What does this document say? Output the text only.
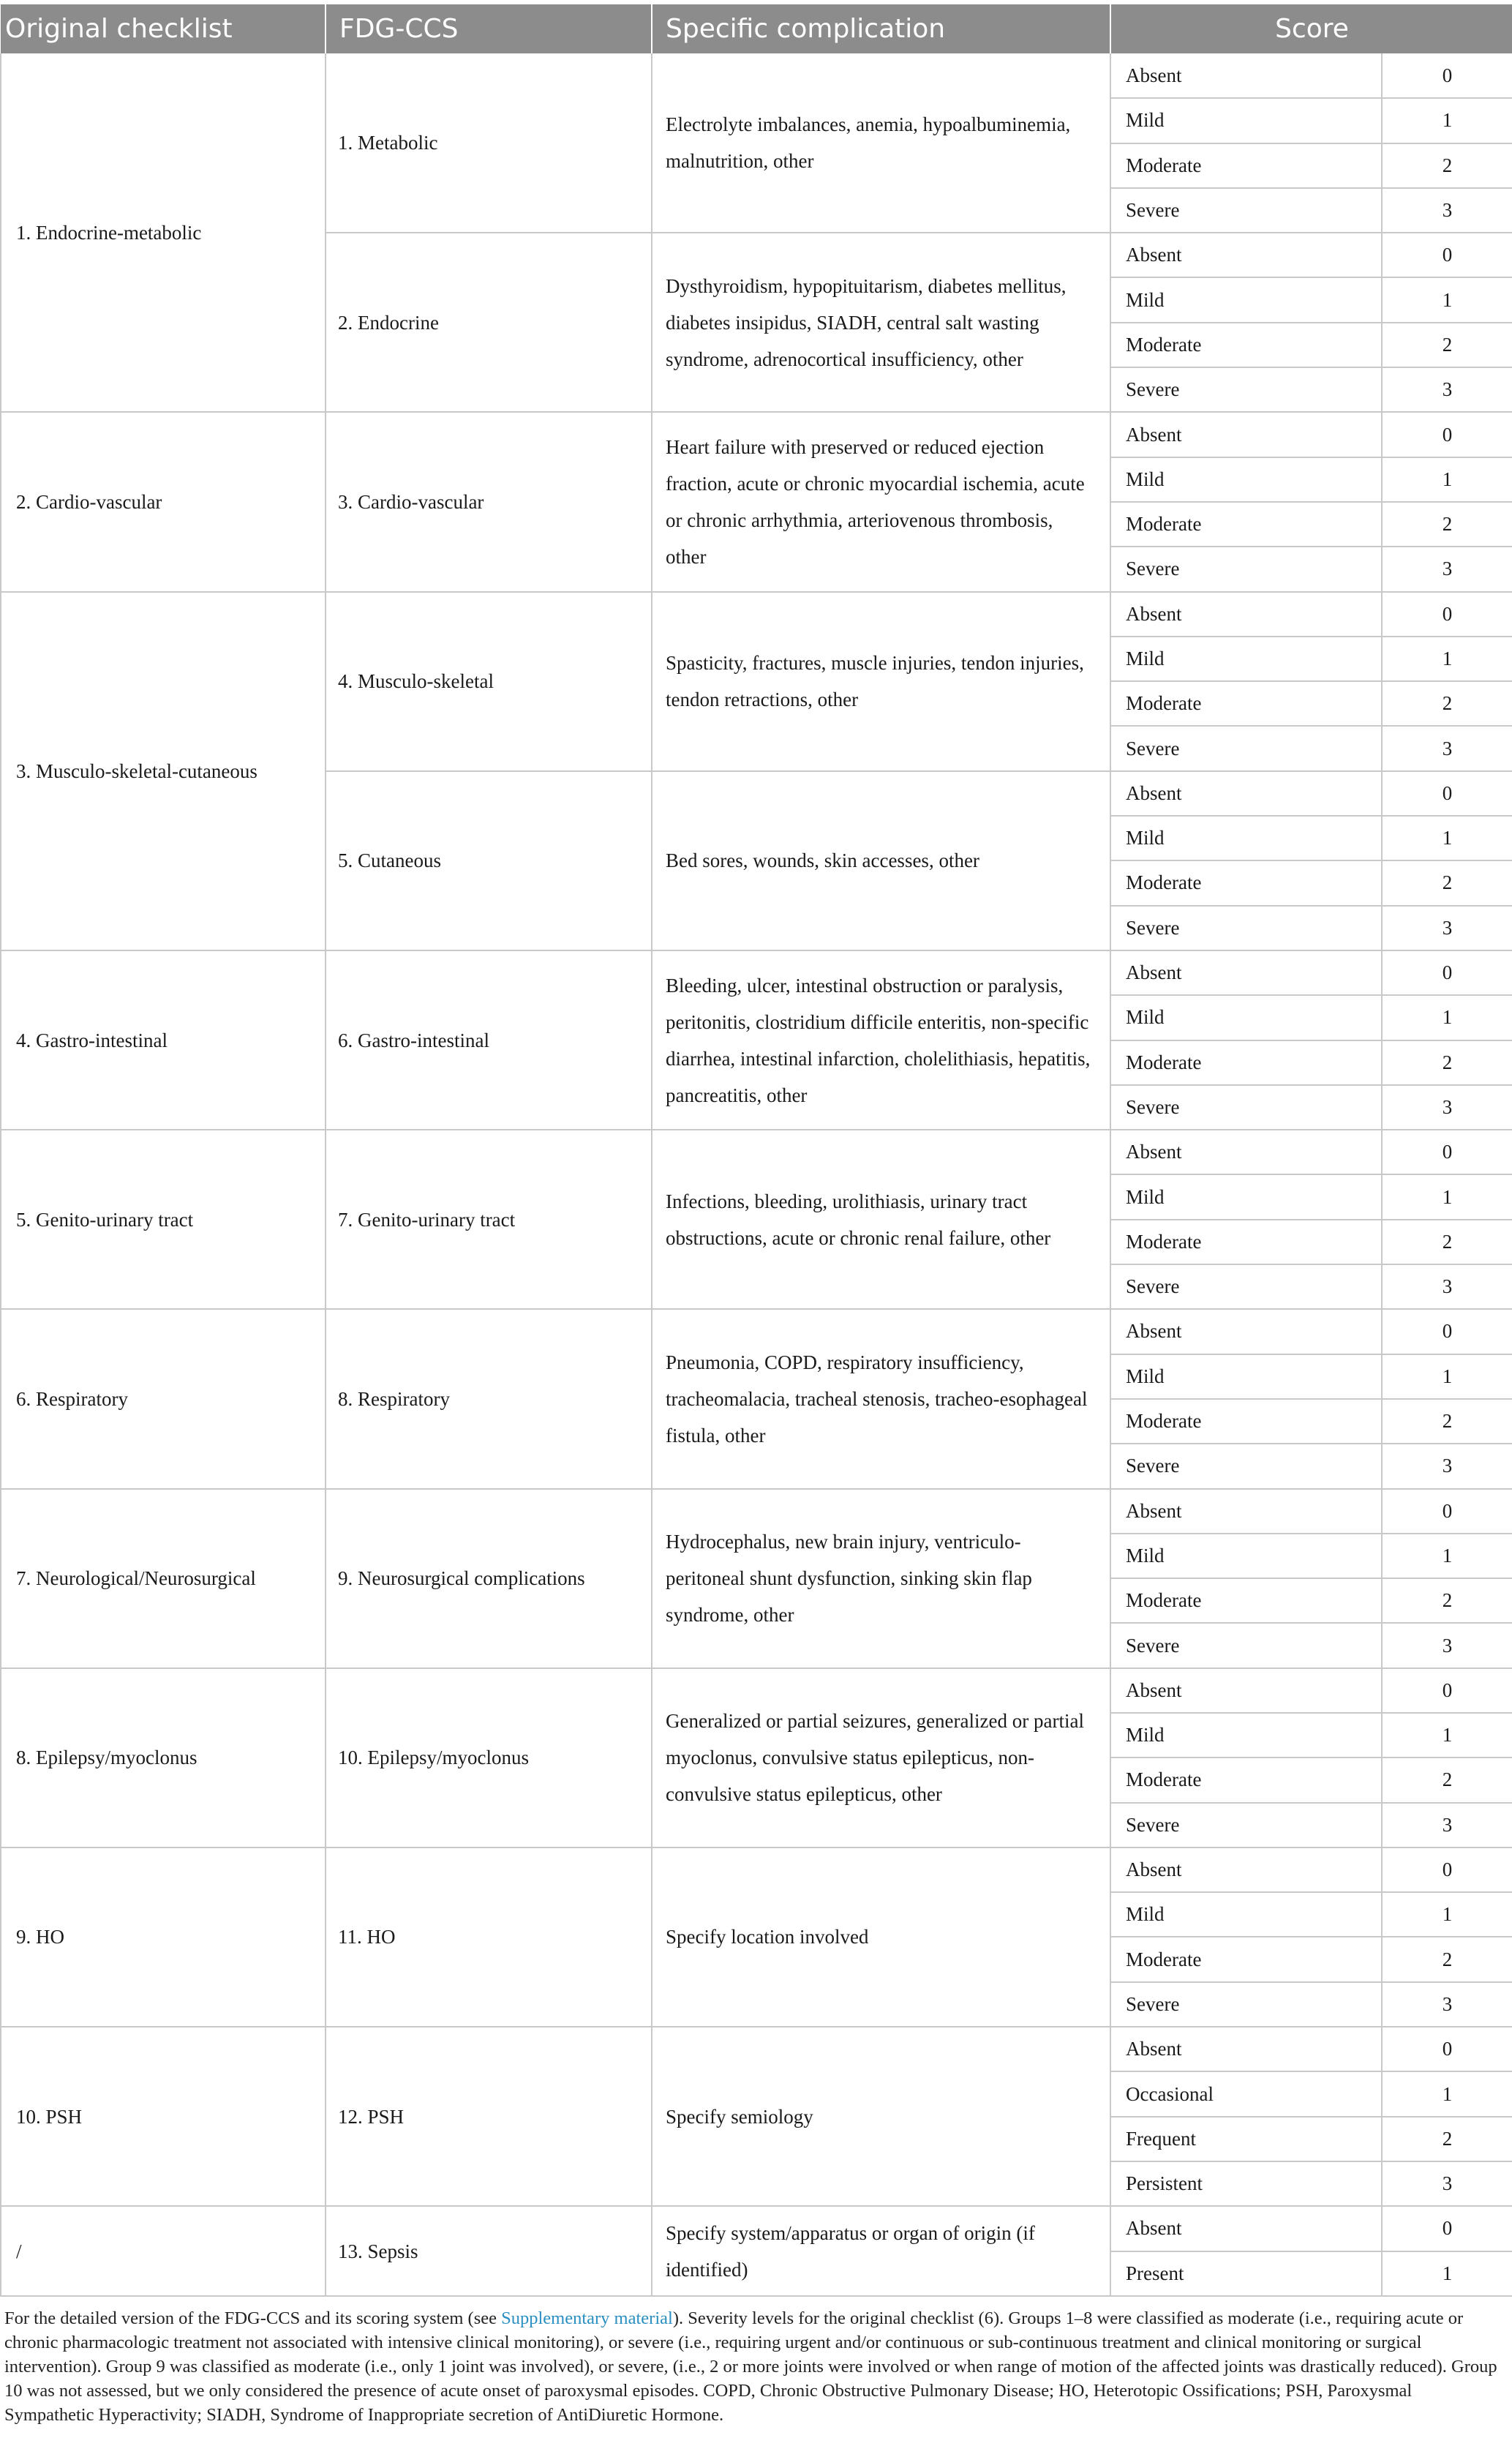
Original checklist	FDG-CCS	Specific complication	Score	
1. Endocrine-metabolic	1. Metabolic	Electrolyte imbalances, anemia, hypoalbuminemia, malnutrition, other	Absent	0
			Mild	1
			Moderate	2
			Severe	3
	2. Endocrine	Dysthyroidism, hypopituitarism, diabetes mellitus, diabetes insipidus, SIADH, central salt wasting syndrome, adrenocortical insufficiency, other	Absent	0
			Mild	1
			Moderate	2
			Severe	3
2. Cardio-vascular	3. Cardio-vascular	Heart failure with preserved or reduced ejection fraction, acute or chronic myocardial ischemia, acute or chronic arrhythmia, arteriovenous thrombosis, other	Absent	0
			Mild	1
			Moderate	2
			Severe	3
3. Musculo-skeletal-cutaneous	4. Musculo-skeletal	Spasticity, fractures, muscle injuries, tendon injuries, tendon retractions, other	Absent	0
			Mild	1
			Moderate	2
			Severe	3
	5. Cutaneous	Bed sores, wounds, skin accesses, other	Absent	0
			Mild	1
			Moderate	2
			Severe	3
4. Gastro-intestinal	6. Gastro-intestinal	Bleeding, ulcer, intestinal obstruction or paralysis, peritonitis, clostridium difficile enteritis, non-specific diarrhea, intestinal infarction, cholelithiasis, hepatitis, pancreatitis, other	Absent	0
			Mild	1
			Moderate	2
			Severe	3
5. Genito-urinary tract	7. Genito-urinary tract	Infections, bleeding, urolithiasis, urinary tract obstructions, acute or chronic renal failure, other	Absent	0
			Mild	1
			Moderate	2
			Severe	3
6. Respiratory	8. Respiratory	Pneumonia, COPD, respiratory insufficiency, tracheomalacia, tracheal stenosis, tracheo-esophageal fistula, other	Absent	0
			Mild	1
			Moderate	2
			Severe	3
7. Neurological/Neurosurgical	9. Neurosurgical complications	Hydrocephalus, new brain injury, ventriculo-peritoneal shunt dysfunction, sinking skin flap syndrome, other	Absent	0
			Mild	1
			Moderate	2
			Severe	3
8. Epilepsy/myoclonus	10. Epilepsy/myoclonus	Generalized or partial seizures, generalized or partial myoclonus, convulsive status epilepticus, non-convulsive status epilepticus, other	Absent	0
			Mild	1
			Moderate	2
			Severe	3
9. HO	11. HO	Specify location involved	Absent	0
			Mild	1
			Moderate	2
			Severe	3
10. PSH	12. PSH	Specify semiology	Absent	0
			Occasional	1
			Frequent	2
			Persistent	3
/	13. Sepsis	Specify system/apparatus or organ of origin (if identified)	Absent	0
			Present	1
For the detailed version of the FDG-CCS and its scoring system (see Supplementary material). Severity levels for the original checklist (6). Groups 1–8 were classified as moderate (i.e., requiring acute or chronic pharmacologic treatment not associated with intensive clinical monitoring), or severe (i.e., requiring urgent and/or continuous or sub-continuous treatment and clinical monitoring or surgical intervention). Group 9 was classified as moderate (i.e., only 1 joint was involved), or severe, (i.e., 2 or more joints were involved or when range of motion of the affected joints was drastically reduced). Group 10 was not assessed, but we only considered the presence of acute onset of paroxysmal episodes. COPD, Chronic Obstructive Pulmonary Disease; HO, Heterotopic Ossifications; PSH, Paroxysmal Sympathetic Hyperactivity; SIADH, Syndrome of Inappropriate secretion of AntiDiuretic Hormone.
